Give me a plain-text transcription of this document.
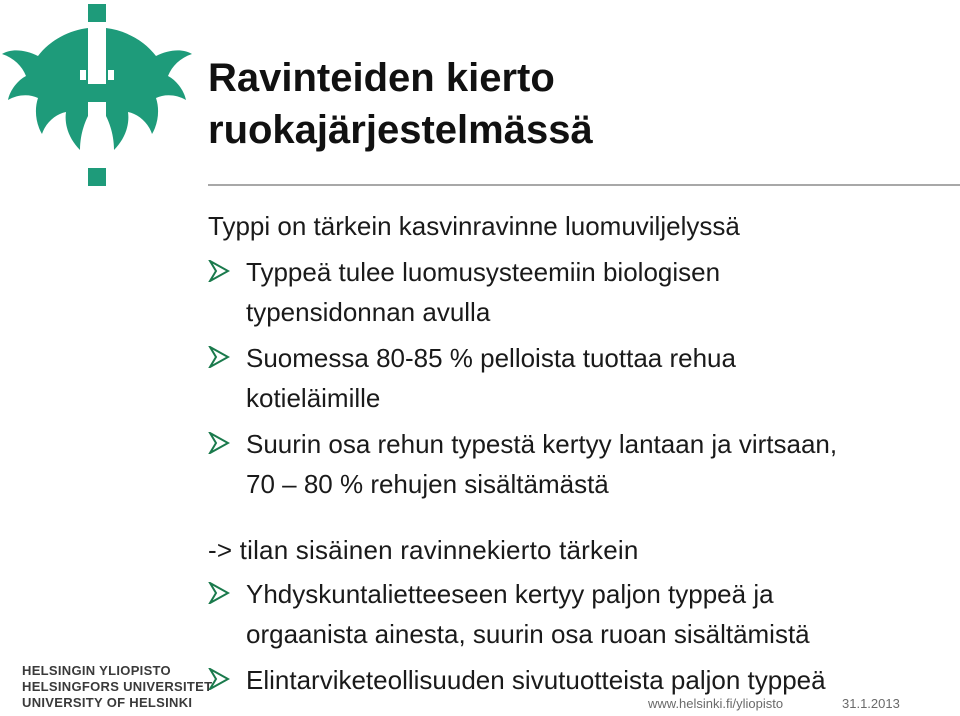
Ravinteiden kierto
ruokajärjestelmässä

Typpi on tärkein kasvinravinne luomuviljelyssä

Typpeä tulee luomusysteemiin biologisen
typensidonnan avulla
Suomessa 80-85 % pelloista tuottaa rehua
kotieläimille
Suurin osa rehun typestä kertyy lantaan ja virtsaan,
70 – 80 % rehujen sisältämästä

-> tilan sisäinen ravinnekierto tärkein

Yhdyskuntalietteeseen kertyy paljon typpeä ja
orgaanista ainesta, suurin osa ruoan sisältämistä
Elintarviketeollisuuden sivutuotteista paljon typpeä
HELSINGIN YLIOPISTO
HELSINGFORS UNIVERSITET
UNIVERSITY OF HELSINKI	www.helsinki.fi/yliopisto	31.1.2013
